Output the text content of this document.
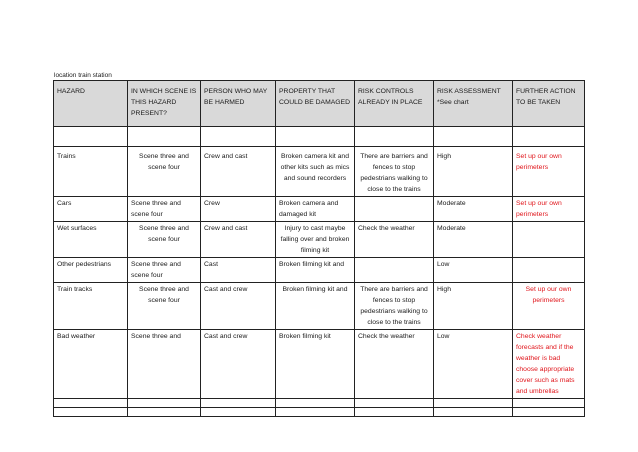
location train station
HAZARD	IN WHICH SCENE IS THIS HAZARD PRESENT?	PERSON WHO MAY BE HARMED	PROPERTY THAT COULD BE DAMAGED	RISK CONTROLS ALREADY IN PLACE	RISK ASSESSMENT *See chart	FURTHER ACTION TO BE TAKEN

Trains	Scene three and scene four	Crew and cast	Broken camera kit and other kits such as mics and sound recorders	There are barriers and fences to stop pedestrians walking to close to the trains	High	Set up our own perimeters
Cars	Scene three and scene four	Crew	Broken camera and damaged kit		Moderate	Set up our own perimeters
Wet surfaces	Scene three and scene four	Crew and cast	Injury to cast maybe falling over and broken filming kit	Check the weather	Moderate	
Other pedestrians	Scene three and scene four	Cast	Broken filming kit and		Low	
Train tracks	Scene three and scene four	Cast and crew	Broken filming kit and	There are barriers and fences to stop pedestrians walking to close to the trains	High	Set up our own perimeters
Bad weather	Scene three and	Cast and crew	Broken filming kit	Check the weather	Low	Check weather forecasts and if the weather is bad choose appropriate cover such as mats and umbrellas
